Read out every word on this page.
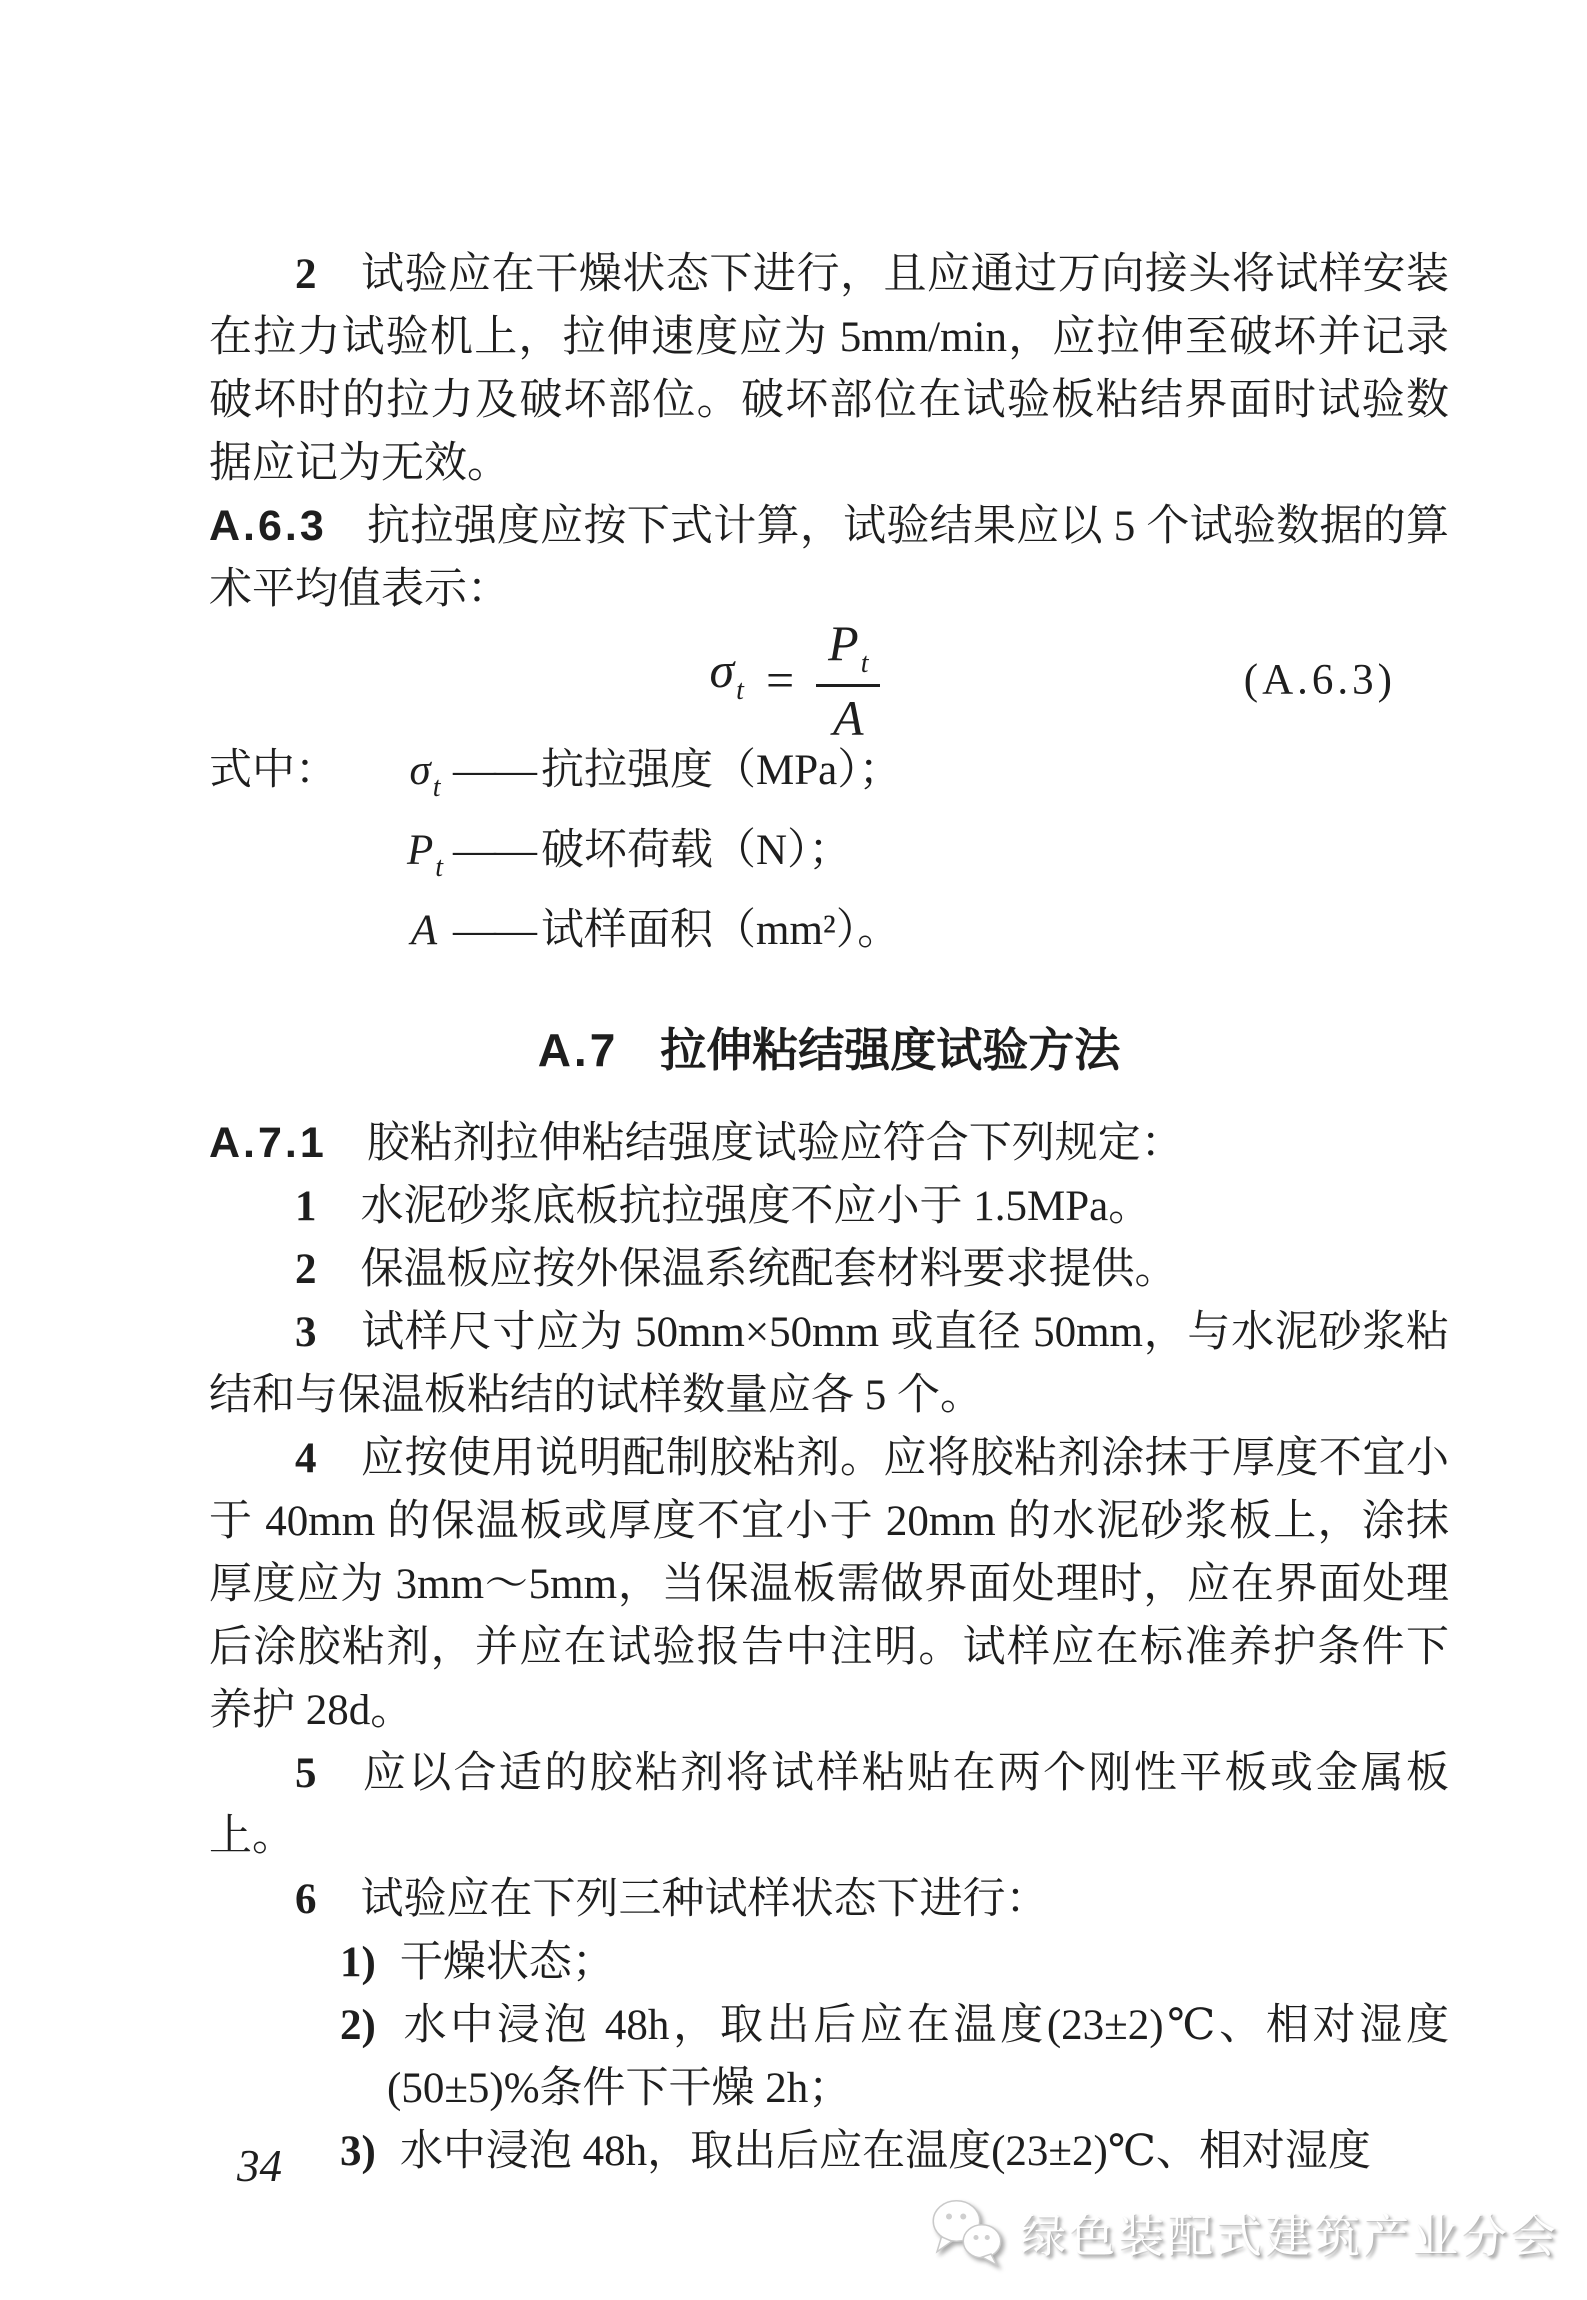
2 试验应在干燥状态下进行，且应通过万向接头将试样安装在拉力试验机上，拉伸速度应为 5mm/min，应拉伸至破坏并记录破坏时的拉力及破坏部位。破坏部位在试验板粘结界面时试验数据应记为无效。

A.6.3 抗拉强度应按下式计算，试验结果应以 5 个试验数据的算术平均值表示：

$\sigma_t = \frac{P_t}{A}$	(A.6.3)
式中：	$\sigma_t$ —— 抗拉强度（MPa）；
$P_t$ —— 破坏荷载（N）；
A —— 试样面积（mm²）。

A.7 拉伸粘结强度试验方法

A.7.1 胶粘剂拉伸粘结强度试验应符合下列规定：

1 水泥砂浆底板抗拉强度不应小于 1.5MPa。

2 保温板应按外保温系统配套材料要求提供。

3 试样尺寸应为 50mm×50mm 或直径 50mm，与水泥砂浆粘结和与保温板粘结的试样数量应各 5 个。

4 应按使用说明配制胶粘剂。应将胶粘剂涂抹于厚度不宜小于 40mm 的保温板或厚度不宜小于 20mm 的水泥砂浆板上，涂抹厚度应为 3mm～5mm，当保温板需做界面处理时，应在界面处理后涂胶粘剂，并应在试验报告中注明。试样应在标准养护条件下养护 28d。

5 应以合适的胶粘剂将试样粘贴在两个刚性平板或金属板上。

6 试验应在下列三种试样状态下进行：

1) 干燥状态；

2) 水中浸泡 48h，取出后应在温度(23±2)℃、相对湿度(50±5)%条件下干燥 2h；

3) 水中浸泡 48h，取出后应在温度(23±2)℃、相对湿度

34
绿色装配式建筑产业分会
